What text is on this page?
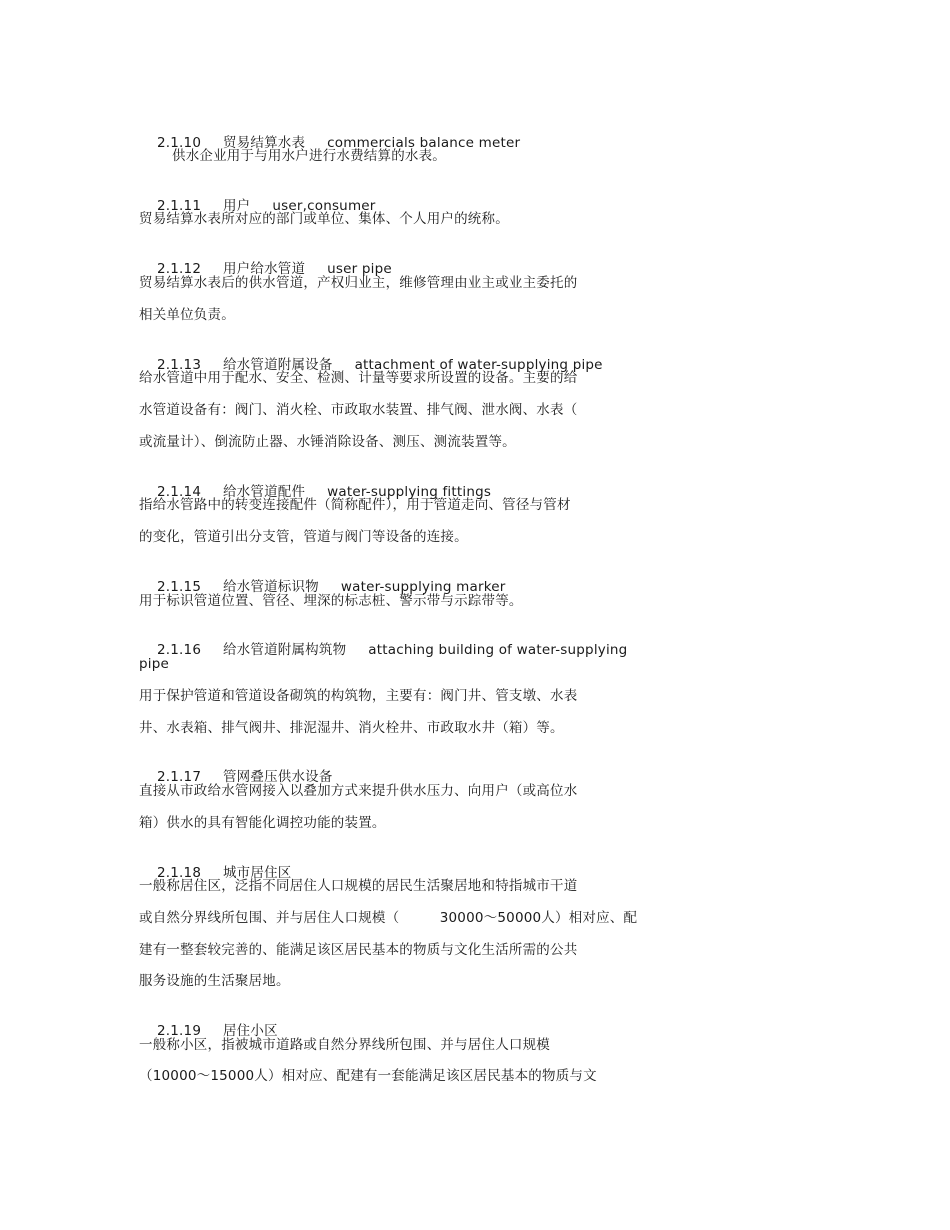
2.1.10 贸易结算水表 commercials balance meter

供水企业用于与用水户进行水费结算的水表。

2.1.11 用户 user,consumer

贸易结算水表所对应的部门或单位、集体、个人用户的统称。

2.1.12 用户给水管道 user pipe

贸易结算水表后的供水管道，产权归业主，维修管理由业主或业主委托的
相关单位负责。

2.1.13 给水管道附属设备 attachment of water-supplying pipe

给水管道中用于配水、安全、检测、计量等要求所设置的设备。主要的给
水管道设备有：阀门、消火栓、市政取水装置、排气阀、泄水阀、水表（
或流量计）、倒流防止器、水锤消除设备、测压、测流装置等。

2.1.14 给水管道配件 water-supplying fittings

指给水管路中的转变连接配件（简称配件），用于管道走向、管径与管材
的变化，管道引出分支管，管道与阀门等设备的连接。

2.1.15 给水管道标识物 water-supplying marker

用于标识管道位置、管径、埋深的标志桩、警示带与示踪带等。

2.1.16 给水管道附属构筑物 attaching building of water-supplying

pipe
用于保护管道和管道设备砌筑的构筑物，主要有：阀门井、管支墩、水表
井、水表箱、排气阀井、排泥湿井、消火栓井、市政取水井（箱）等。

2.1.17 管网叠压供水设备

直接从市政给水管网接入以叠加方式来提升供水压力、向用户（或高位水
箱）供水的具有智能化调控功能的装置。

2.1.18 城市居住区

一般称居住区，泛指不同居住人口规模的居民生活聚居地和特指城市干道
或自然分界线所包围、并与居住人口规模（         30000～50000人）相对应、配
建有一整套较完善的、能满足该区居民基本的物质与文化生活所需的公共
服务设施的生活聚居地。

2.1.19 居住小区

一般称小区，指被城市道路或自然分界线所包围、并与居住人口规模
（10000～15000人）相对应、配建有一套能满足该区居民基本的物质与文
